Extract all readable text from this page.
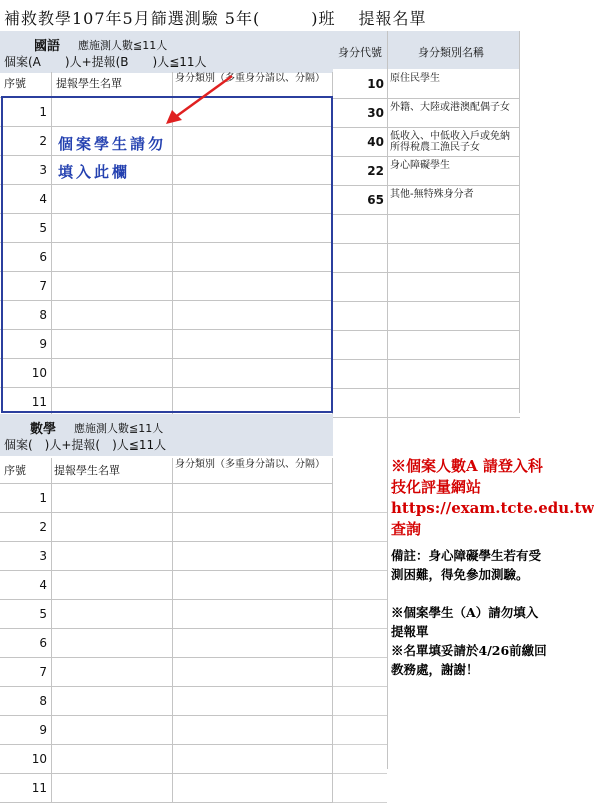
補救教學107年5月篩選測驗 5年(　　　)班　 提報名單
國語 應施測人數≦11人
個案(A　　)人+提報(B　　)人≦11人
序號	提報學生名單	身分類別（多重身分請以、分隔）
1
2
3
4
5
6
7
8
9
10
11
個案學生請勿
填入此欄
數學 應施測人數≦11人
個案(　)人+提報(　)人≦11人
序號	提報學生名單	身分類別（多重身分請以、分隔）
1
2
3
4
5
6
7
8
9
10
11
身分代號	身分類別名稱
10 原住民學生
30 外籍、大陸或港澳配偶子女
40 低收入、中低收入戶或免納所得稅農工漁民子女
22 身心障礙學生
65 其他-無特殊身分者
※個案人數A 請登入科技化評量網站 https://exam.tcte.edu.tw 查詢
備註：身心障礙學生若有受測困難，得免參加測驗。
※個案學生（A）請勿填入提報單
※名單填妥請於4/26前繳回教務處，謝謝！
